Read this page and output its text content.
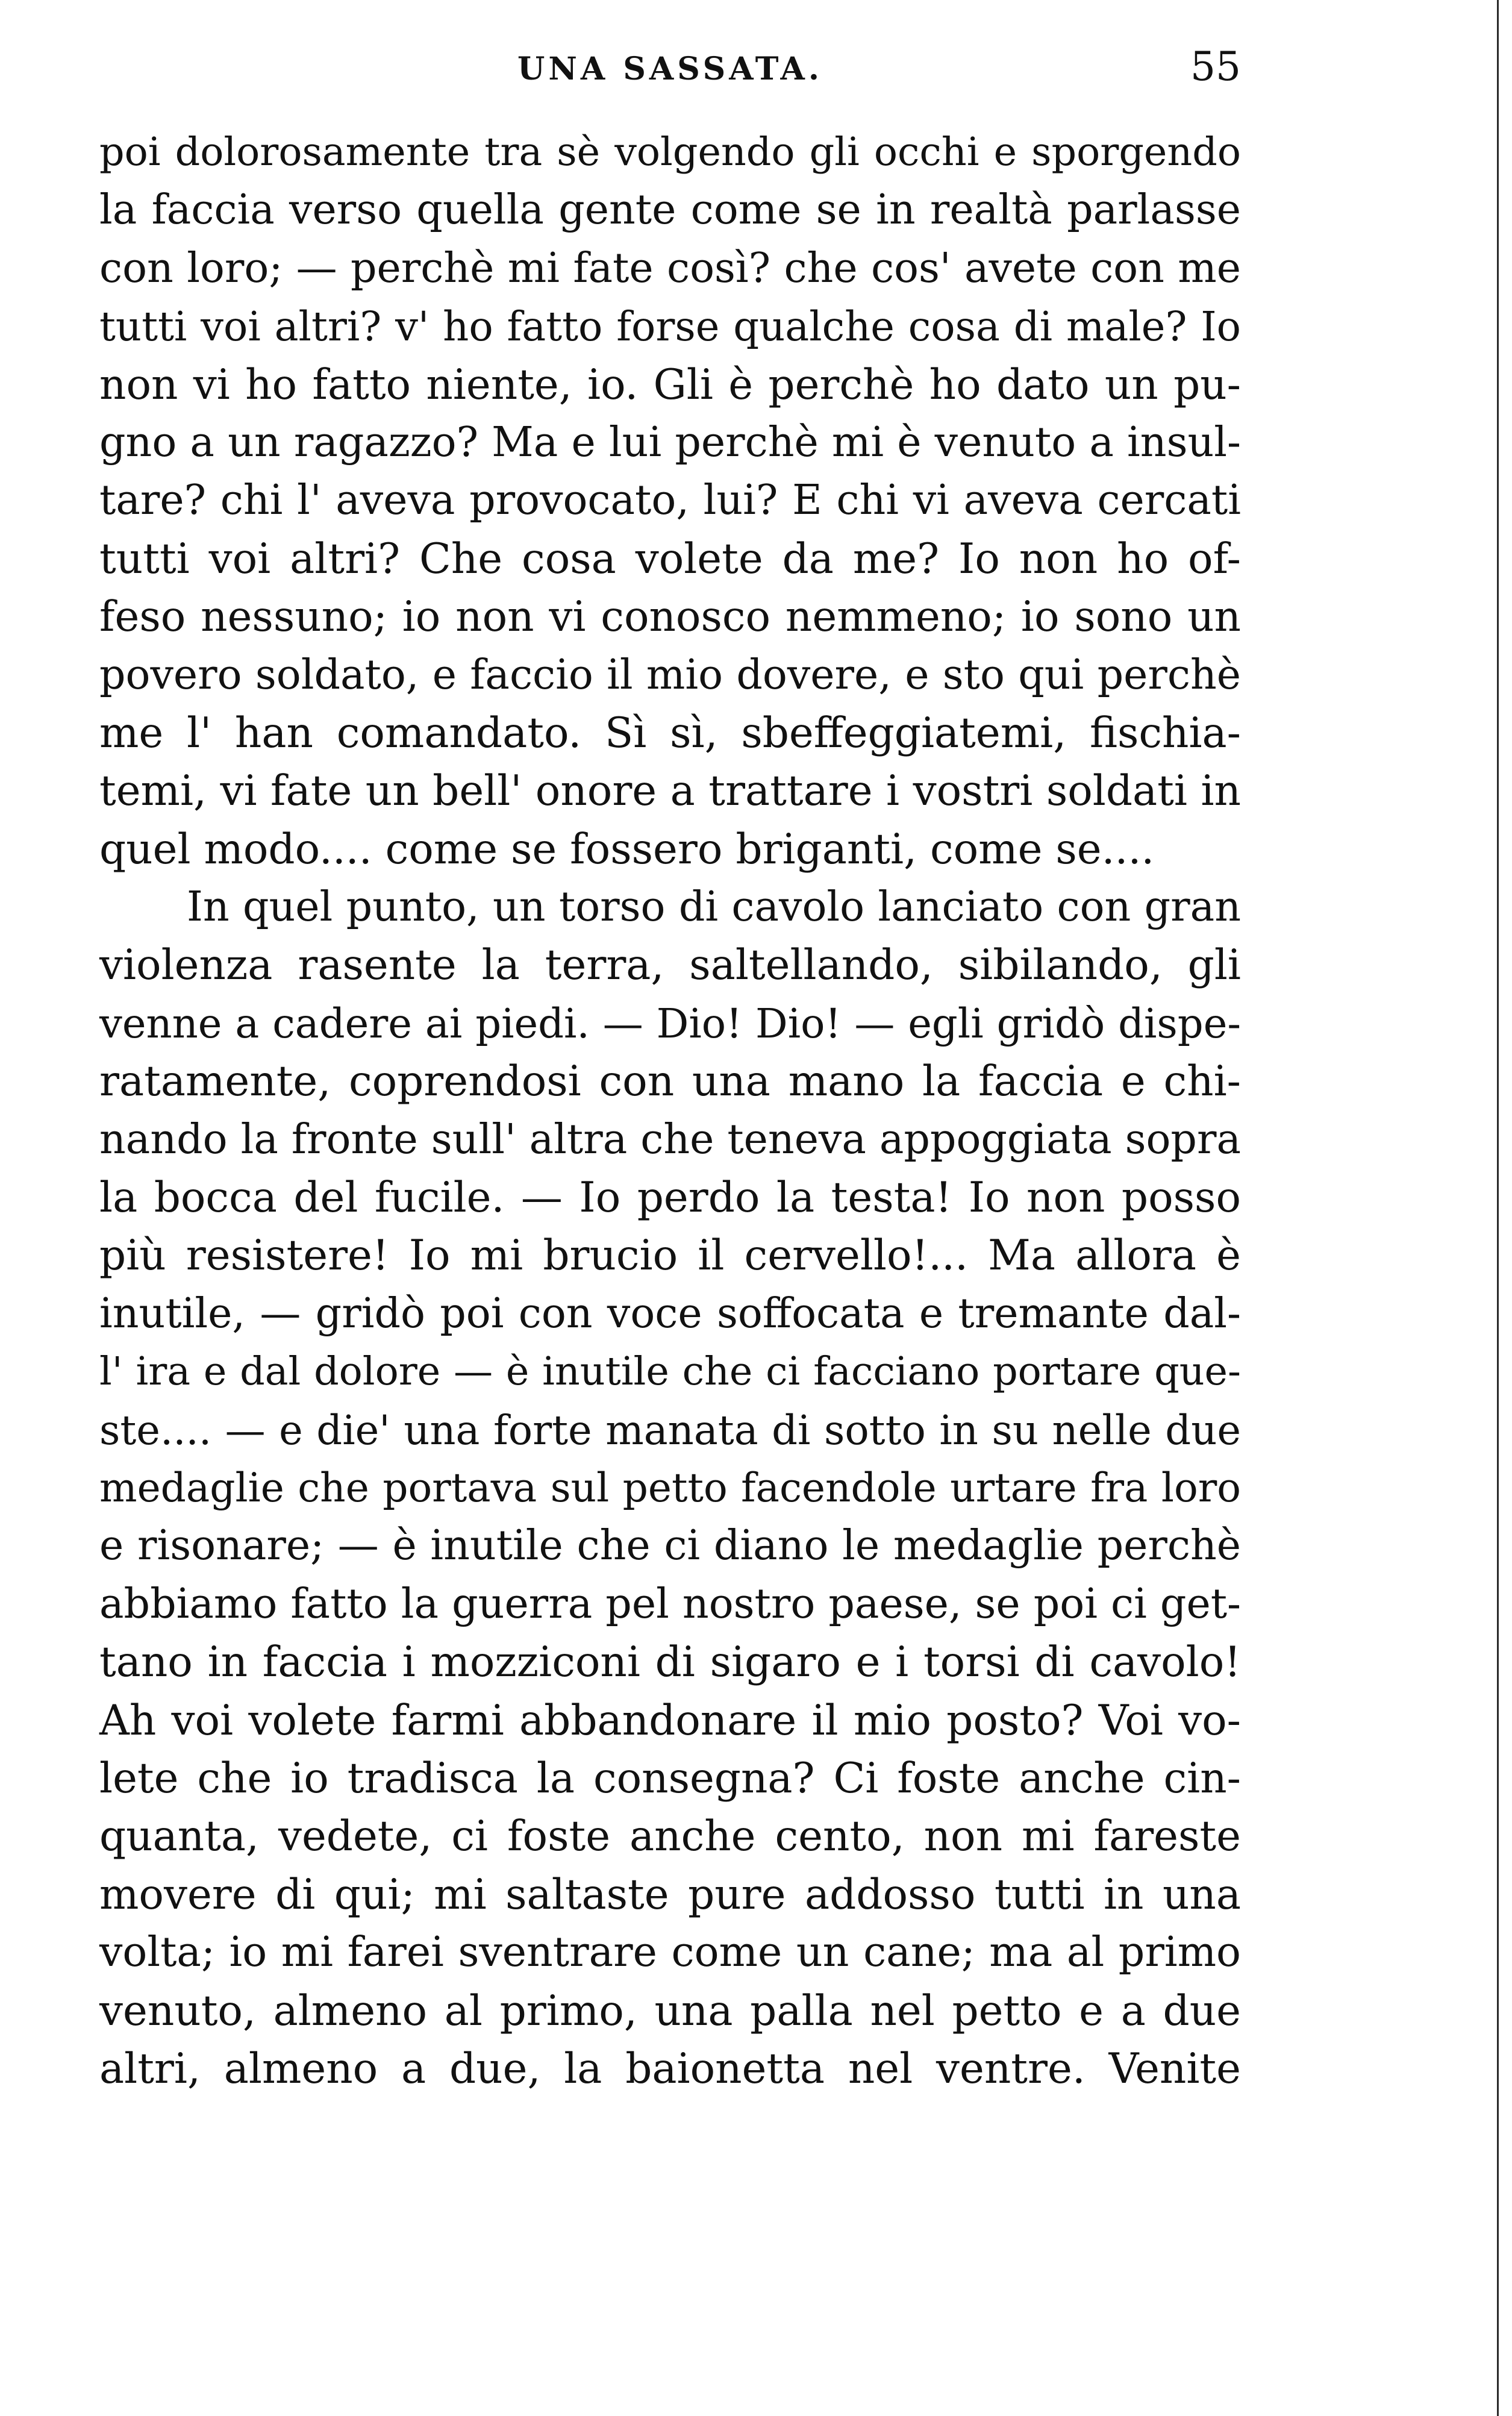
UNA SASSATA.	55
poi dolorosamente tra sè volgendo gli occhi e sporgendo
la faccia verso quella gente come se in realtà parlasse
con loro; — perchè mi fate così? che cos' avete con me
tutti voi altri? v' ho fatto forse qualche cosa di male? Io
non vi ho fatto niente, io. Gli è perchè ho dato un pu-
gno a un ragazzo? Ma e lui perchè mi è venuto a insul-
tare? chi l' aveva provocato, lui? E chi vi aveva cercati
tutti voi altri? Che cosa volete da me? Io non ho of-
feso nessuno; io non vi conosco nemmeno; io sono un
povero soldato, e faccio il mio dovere, e sto qui perchè
me l' han comandato. Sì sì, sbeffeggiatemi, fischia-
temi, vi fate un bell' onore a trattare i vostri soldati in
quel modo.... come se fossero briganti, come se....
In quel punto, un torso di cavolo lanciato con gran
violenza rasente la terra, saltellando, sibilando, gli
venne a cadere ai piedi. — Dio! Dio! — egli gridò dispe-
ratamente, coprendosi con una mano la faccia e chi-
nando la fronte sull' altra che teneva appoggiata sopra
la bocca del fucile. — Io perdo la testa! Io non posso
più resistere! Io mi brucio il cervello!... Ma allora è
inutile, — gridò poi con voce soffocata e tremante dal-
l' ira e dal dolore — è inutile che ci facciano portare que-
ste.... — e die' una forte manata di sotto in su nelle due
medaglie che portava sul petto facendole urtare fra loro
e risonare; — è inutile che ci diano le medaglie perchè
abbiamo fatto la guerra pel nostro paese, se poi ci get-
tano in faccia i mozziconi di sigaro e i torsi di cavolo!
Ah voi volete farmi abbandonare il mio posto? Voi vo-
lete che io tradisca la consegna? Ci foste anche cin-
quanta, vedete, ci foste anche cento, non mi fareste
movere di qui; mi saltaste pure addosso tutti in una
volta; io mi farei sventrare come un cane; ma al primo
venuto, almeno al primo, una palla nel petto e a due
altri, almeno a due, la baionetta nel ventre. Venite
